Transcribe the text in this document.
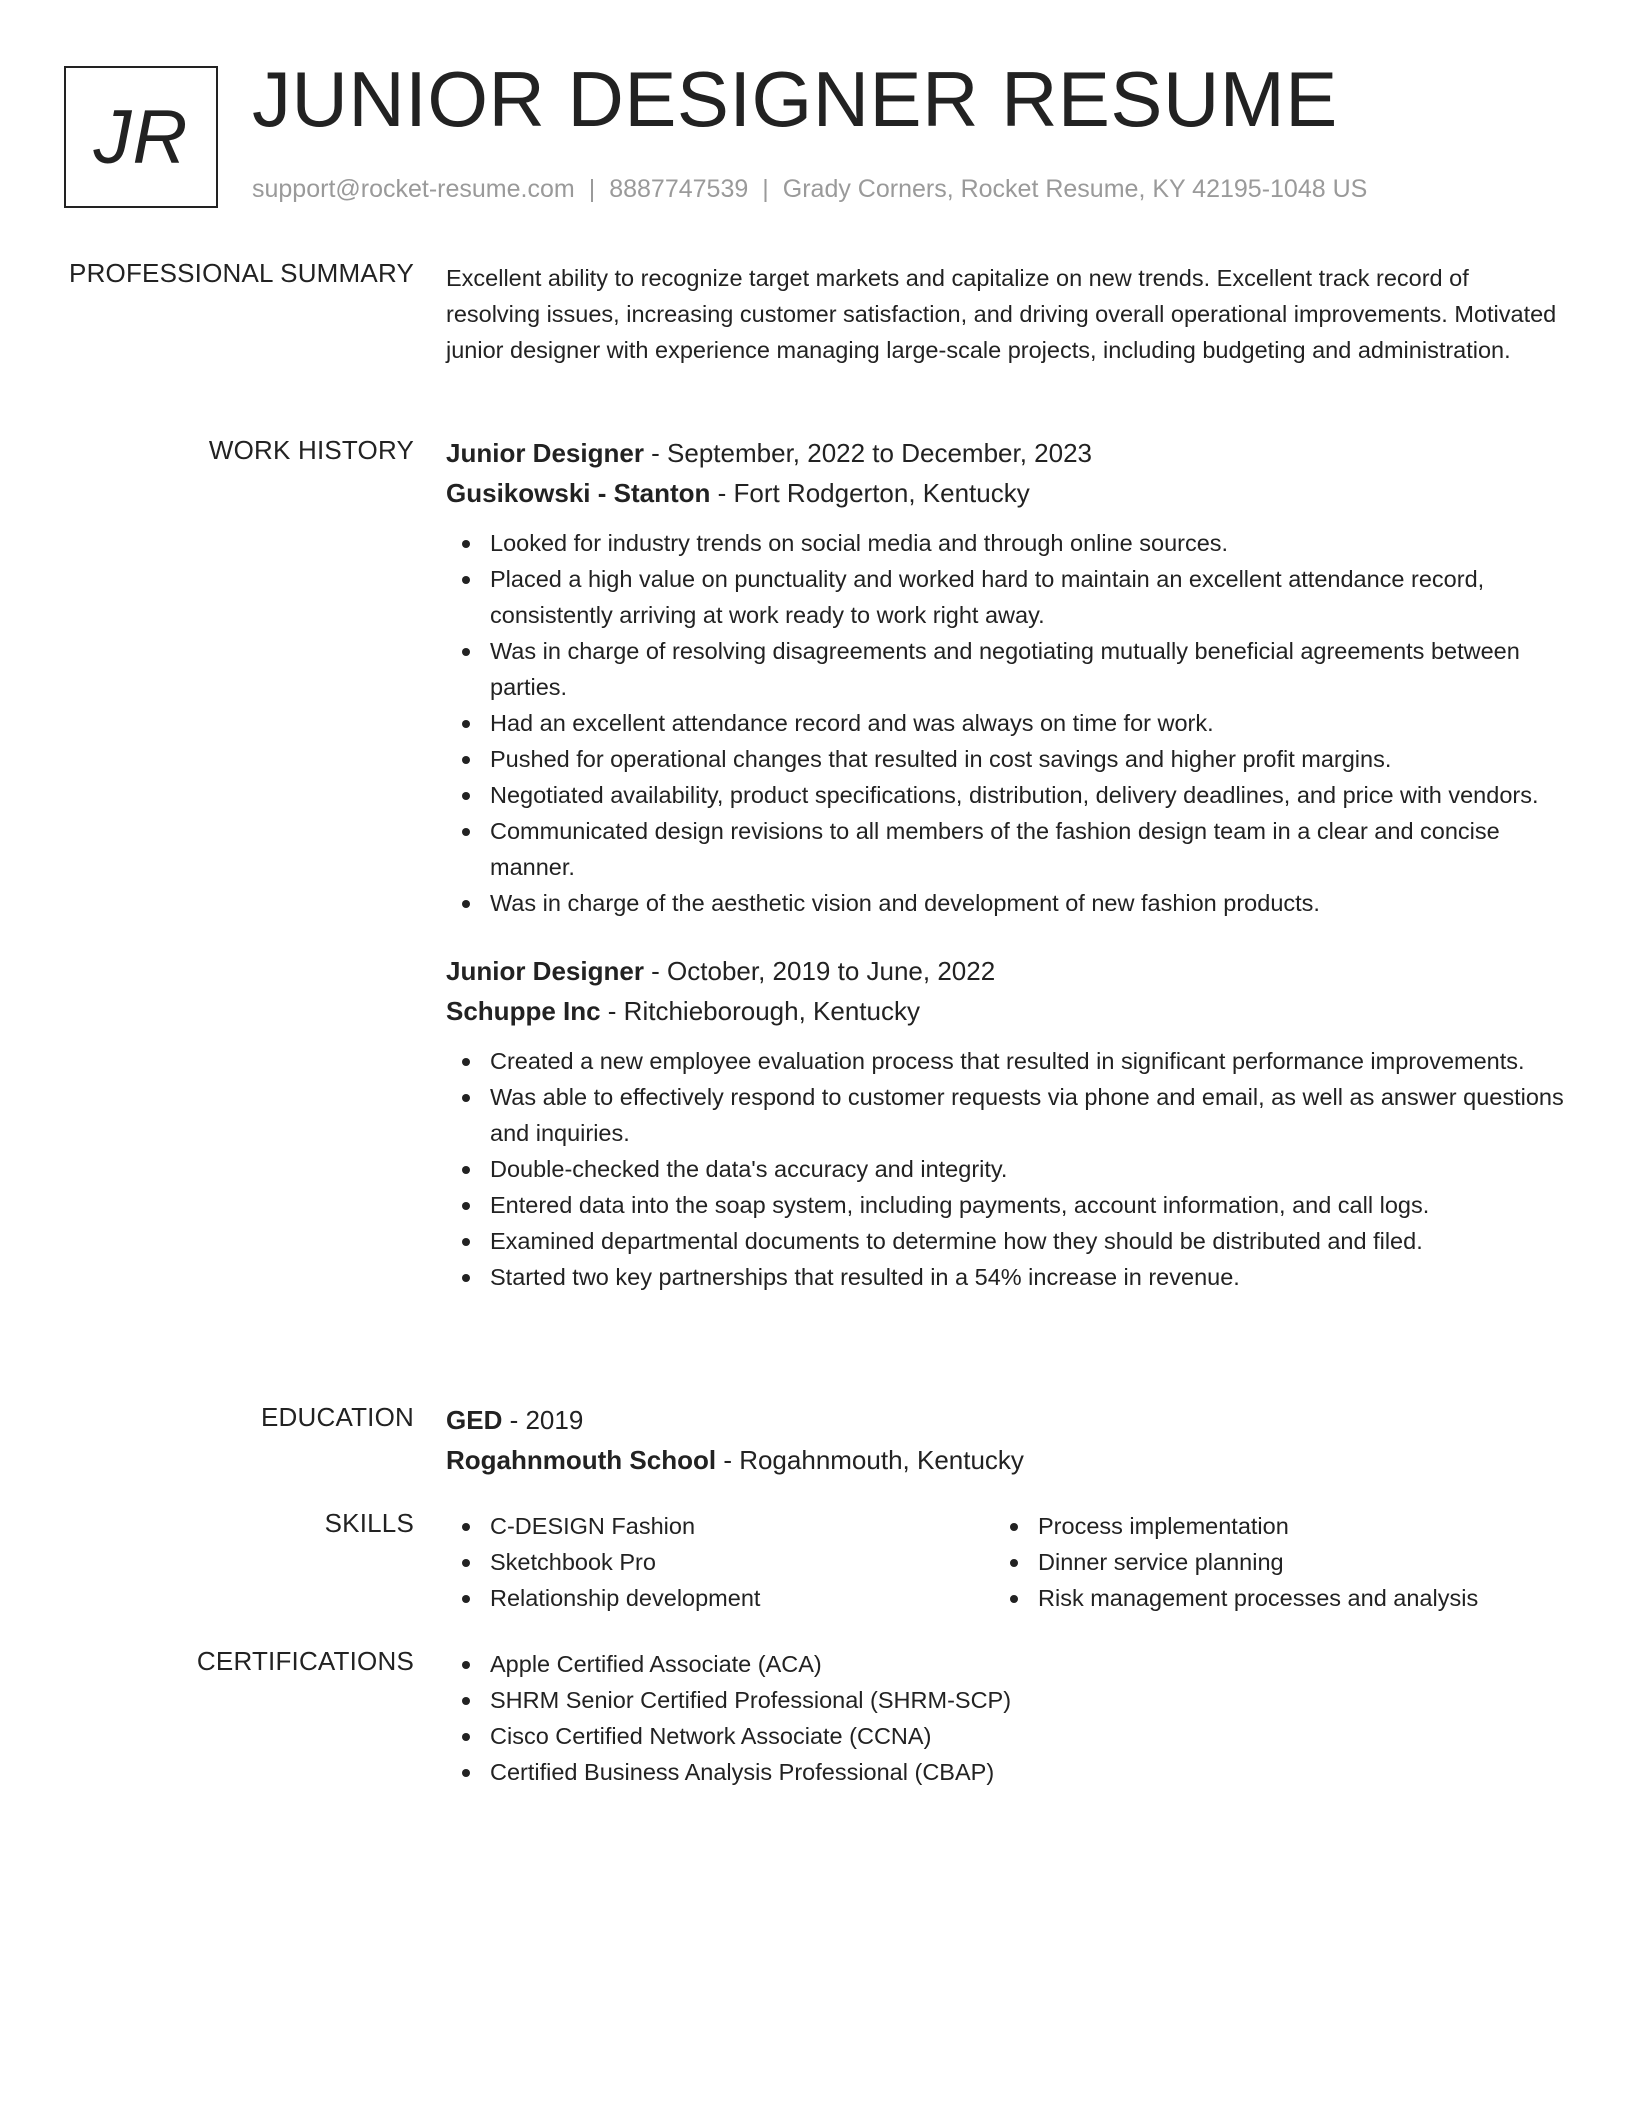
JR JUNIOR DESIGNER RESUME
support@rocket-resume.com | 8887747539 | Grady Corners, Rocket Resume, KY 42195-1048 US
PROFESSIONAL SUMMARY Excellent ability to recognize target markets and capitalize on new trends. Excellent track record of resolving issues, increasing customer satisfaction, and driving overall operational improvements. Motivated junior designer with experience managing large-scale projects, including budgeting and administration.
WORK HISTORY Junior Designer - September, 2022 to December, 2023
Gusikowski - Stanton - Fort Rodgerton, Kentucky
Looked for industry trends on social media and through online sources.
Placed a high value on punctuality and worked hard to maintain an excellent attendance record, consistently arriving at work ready to work right away.
Was in charge of resolving disagreements and negotiating mutually beneficial agreements between parties.
Had an excellent attendance record and was always on time for work.
Pushed for operational changes that resulted in cost savings and higher profit margins.
Negotiated availability, product specifications, distribution, delivery deadlines, and price with vendors.
Communicated design revisions to all members of the fashion design team in a clear and concise manner.
Was in charge of the aesthetic vision and development of new fashion products.
Junior Designer - October, 2019 to June, 2022
Schuppe Inc - Ritchieborough, Kentucky
Created a new employee evaluation process that resulted in significant performance improvements.
Was able to effectively respond to customer requests via phone and email, as well as answer questions and inquiries.
Double-checked the data's accuracy and integrity.
Entered data into the soap system, including payments, account information, and call logs.
Examined departmental documents to determine how they should be distributed and filed.
Started two key partnerships that resulted in a 54% increase in revenue.
EDUCATION GED - 2019
Rogahnmouth School - Rogahnmouth, Kentucky
SKILLS	C-DESIGN Fashion
Sketchbook Pro
Relationship development
Process implementation
Dinner service planning
Risk management processes and analysis
CERTIFICATIONS	Apple Certified Associate (ACA)
SHRM Senior Certified Professional (SHRM-SCP)
Cisco Certified Network Associate (CCNA)
Certified Business Analysis Professional (CBAP)
